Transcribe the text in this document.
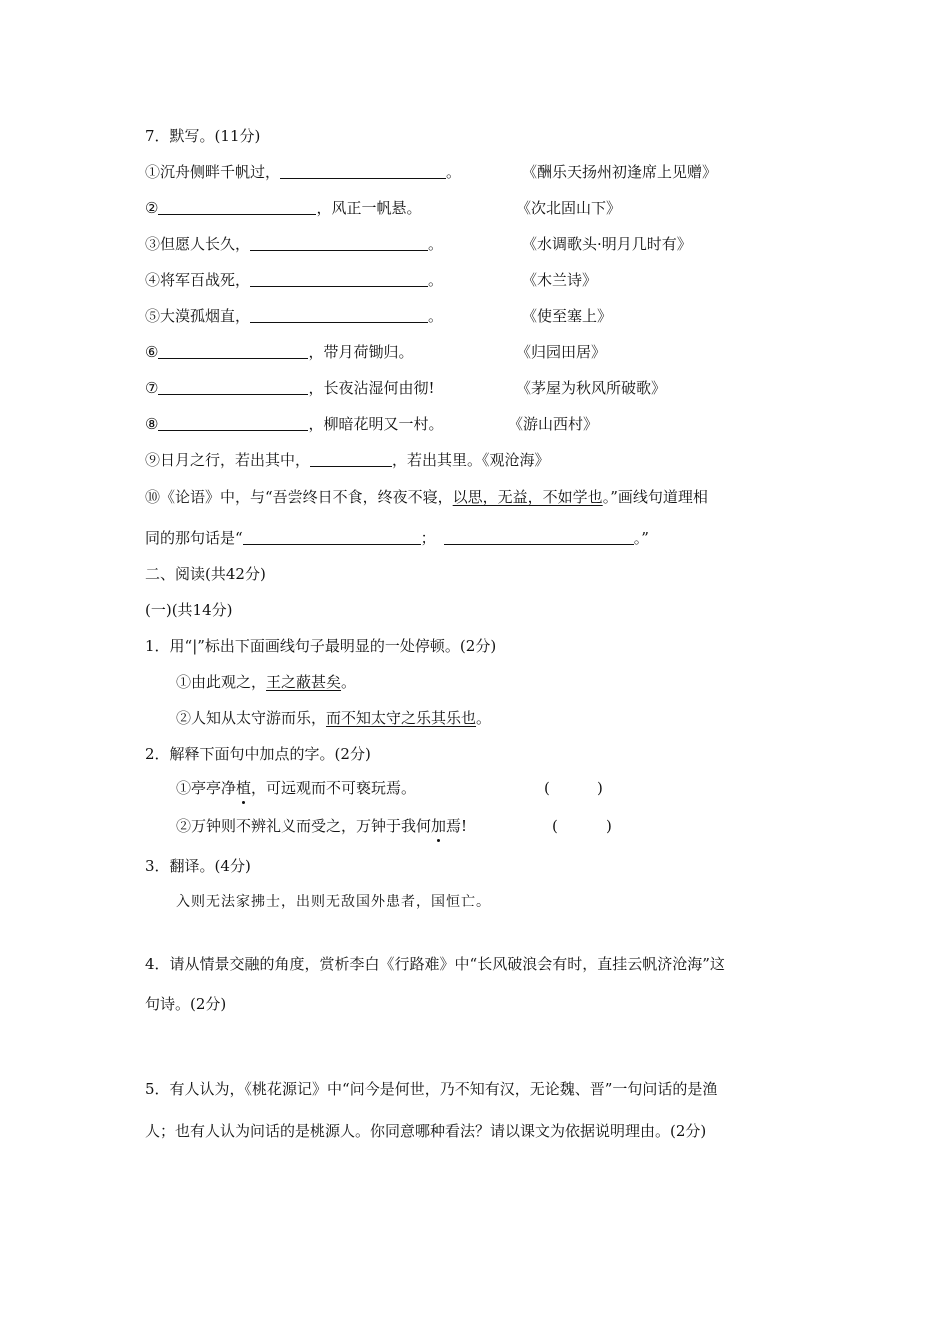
7．默写。(11分)
①沉舟侧畔千帆过，	。	《酬乐天扬州初逢席上见赠》
②	，风正一帆悬。	《次北固山下》
③但愿人长久，	。	《水调歌头·明月几时有》
④将军百战死，	。	《木兰诗》
⑤大漠孤烟直，	。	《使至塞上》
⑥	，带月荷锄归。	《归园田居》
⑦	，长夜沾湿何由彻!	《茅屋为秋风所破歌》
⑧	，柳暗花明又一村。	《游山西村》
⑨日月之行，若出其中，	，若出其里。《观沧海》
⑩《论语》中，与“吾尝终日不食，终夜不寝，以思，无益，不如学也。”画线句道理相
同的那句话是“	；	。”
二、阅读(共42分)
(一)(共14分)
1．用“|”标出下面画线句子最明显的一处停顿。(2分)
①由此观之，王之蔽甚矣。
②人知从太守游而乐，而不知太守之乐其乐也。
2．解释下面句中加点的字。(2分)
①亭亭净植，可远观而不可亵玩焉。	(	)
②万钟则不辨礼义而受之，万钟于我何加焉!	(	)
3．翻译。(4分)
入则无法家拂士，出则无敌国外患者，国恒亡。
4．请从情景交融的角度，赏析李白《行路难》中“长风破浪会有时，直挂云帆济沧海”这
句诗。(2分)
5．有人认为，《桃花源记》中“问今是何世，乃不知有汉，无论魏、晋”一句问话的是渔
人；也有人认为问话的是桃源人。你同意哪种看法？请以课文为依据说明理由。(2分)
